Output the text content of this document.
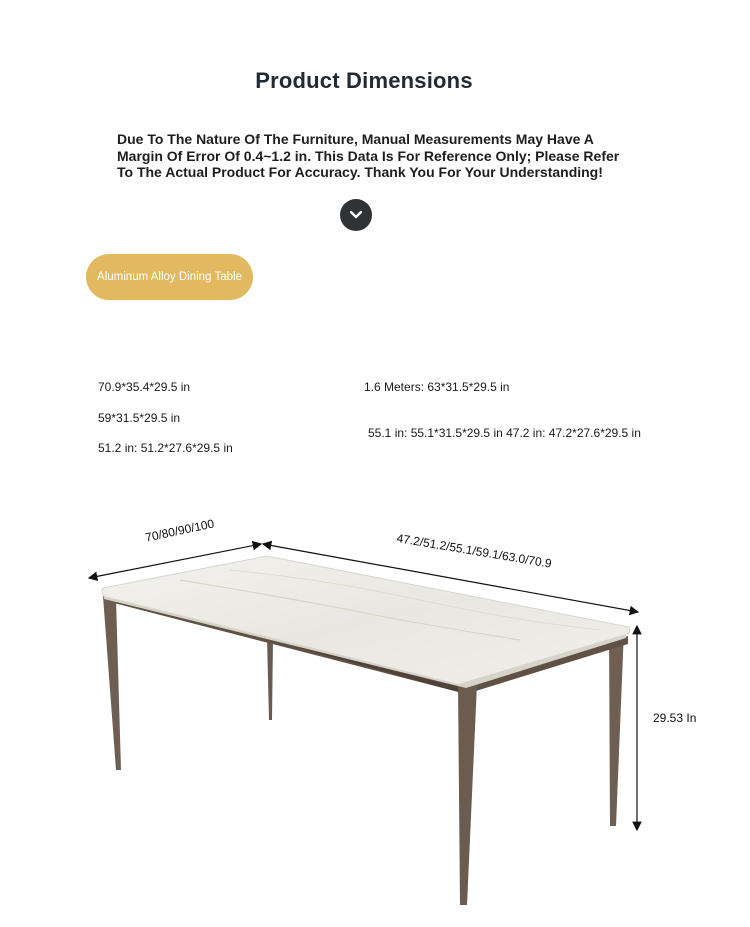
Product Dimensions
Due To The Nature Of The Furniture, Manual Measurements May Have A Margin Of Error Of 0.4~1.2 in. This Data Is For Reference Only; Please Refer To The Actual Product For Accuracy. Thank You For Your Understanding!
Aluminum Alloy Dining Table
70.9*35.4*29.5 in
59*31.5*29.5 in
51.2 in: 51.2*27.6*29.5 in
1.6 Meters: 63*31.5*29.5 in
55.1 in: 55.1*31.5*29.5 in 47.2 in: 47.2*27.6*29.5 in
70/80/90/100
47.2/51.2/55.1/59.1/63.0/70.9
29.53 In
